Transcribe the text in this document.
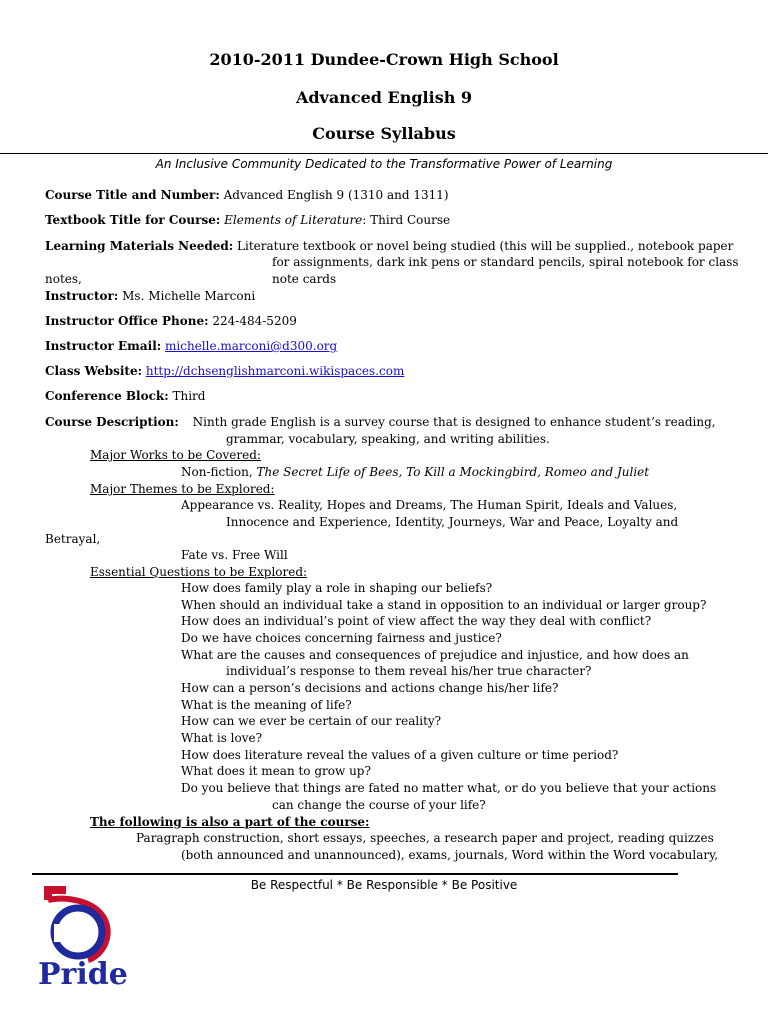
2010-2011 Dundee-Crown High School
Advanced English 9
Course Syllabus
An Inclusive Community Dedicated to the Transformative Power of Learning
Course Title and Number: Advanced English 9 (1310 and 1311)
Textbook Title for Course: Elements of Literature: Third Course
Learning Materials Needed: Literature textbook or novel being studied (this will be supplied., notebook paper
for assignments, dark ink pens or standard pencils, spiral notebook for class
notes,	note cards
Instructor: Ms. Michelle Marconi
Instructor Office Phone: 224-484-5209
Instructor Email: michelle.marconi@d300.org
Class Website: http://dchsenglishmarconi.wikispaces.com
Conference Block: Third
Course Description: Ninth grade English is a survey course that is designed to enhance student’s reading,
grammar, vocabulary, speaking, and writing abilities.
Major Works to be Covered:
Non-fiction, The Secret Life of Bees, To Kill a Mockingbird, Romeo and Juliet
Major Themes to be Explored:
Appearance vs. Reality, Hopes and Dreams, The Human Spirit, Ideals and Values,
Innocence and Experience, Identity, Journeys, War and Peace, Loyalty and
Betrayal,
Fate vs. Free Will
Essential Questions to be Explored:
How does family play a role in shaping our beliefs?
When should an individual take a stand in opposition to an individual or larger group?
How does an individual’s point of view affect the way they deal with conflict?
Do we have choices concerning fairness and justice?
What are the causes and consequences of prejudice and injustice, and how does an
individual’s response to them reveal his/her true character?
How can a person’s decisions and actions change his/her life?
What is the meaning of life?
How can we ever be certain of our reality?
What is love?
How does literature reveal the values of a given culture or time period?
What does it mean to grow up?
Do you believe that things are fated no matter what, or do you believe that your actions
can change the course of your life?
The following is also a part of the course:
Paragraph construction, short essays, speeches, a research paper and project, reading quizzes
(both announced and unannounced), exams, journals, Word within the Word vocabulary,
Be Respectful * Be Responsible * Be Positive
Pride
